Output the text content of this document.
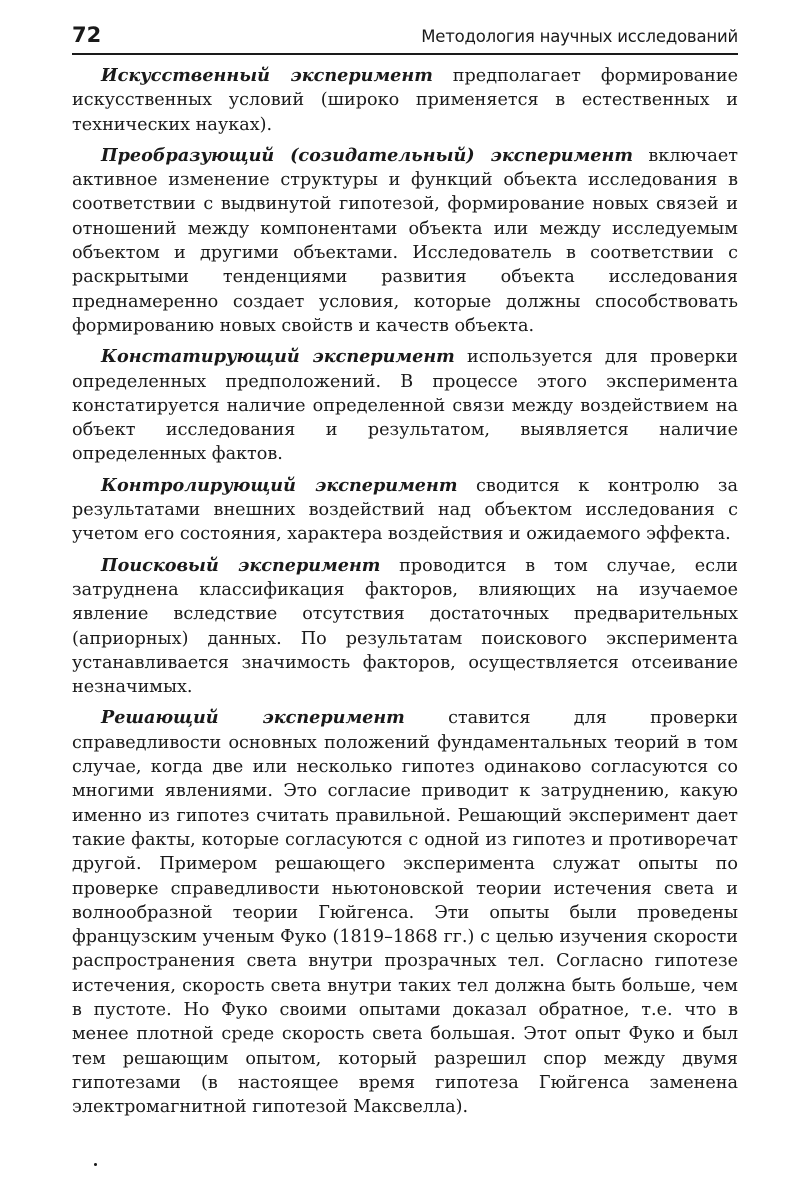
72	Методология научных исследований

Искусственный эксперимент предполагает формирование искусственных условий (широко применяется в естественных и технических науках).

Преобразующий (созидательный) эксперимент включает активное изменение структуры и функций объекта исследования в соответствии с выдвинутой гипотезой, формирование новых связей и отношений между компонентами объекта или между исследуемым объектом и другими объектами. Исследователь в соответствии с раскрытыми тенденциями развития объекта исследования преднамеренно создает условия, которые должны способствовать формированию новых свойств и качеств объекта.

Констатирующий эксперимент используется для проверки определенных предположений. В процессе этого эксперимента констатируется наличие определенной связи между воздействием на объект исследования и результатом, выявляется наличие определенных фактов.

Контролирующий эксперимент сводится к контролю за результатами внешних воздействий над объектом исследования с учетом его состояния, характера воздействия и ожидаемого эффекта.

Поисковый эксперимент проводится в том случае, если затруднена классификация факторов, влияющих на изучаемое явление вследствие отсутствия достаточных предварительных (априорных) данных. По результатам поискового эксперимента устанавливается значимость факторов, осуществляется отсеивание незначимых.

Решающий эксперимент ставится для проверки справедливости основных положений фундаментальных теорий в том случае, когда две или несколько гипотез одинаково согласуются со многими явлениями. Это согласие приводит к затруднению, какую именно из гипотез считать правильной. Решающий эксперимент дает такие факты, которые согласуются с одной из гипотез и противоречат другой. Примером решающего эксперимента служат опыты по проверке справедливости ньютоновской теории истечения света и волнообразной теории Гюйгенса. Эти опыты были проведены французским ученым Фуко (1819–1868 гг.) с целью изучения скорости распространения света внутри прозрачных тел. Согласно гипотезе истечения, скорость света внутри таких тел должна быть больше, чем в пустоте. Но Фуко своими опытами доказал обратное, т.е. что в менее плотной среде скорость света большая. Этот опыт Фуко и был тем решающим опытом, который разрешил спор между двумя гипотезами (в настоящее время гипотеза Гюйгенса заменена электромагнитной гипотезой Максвелла).
